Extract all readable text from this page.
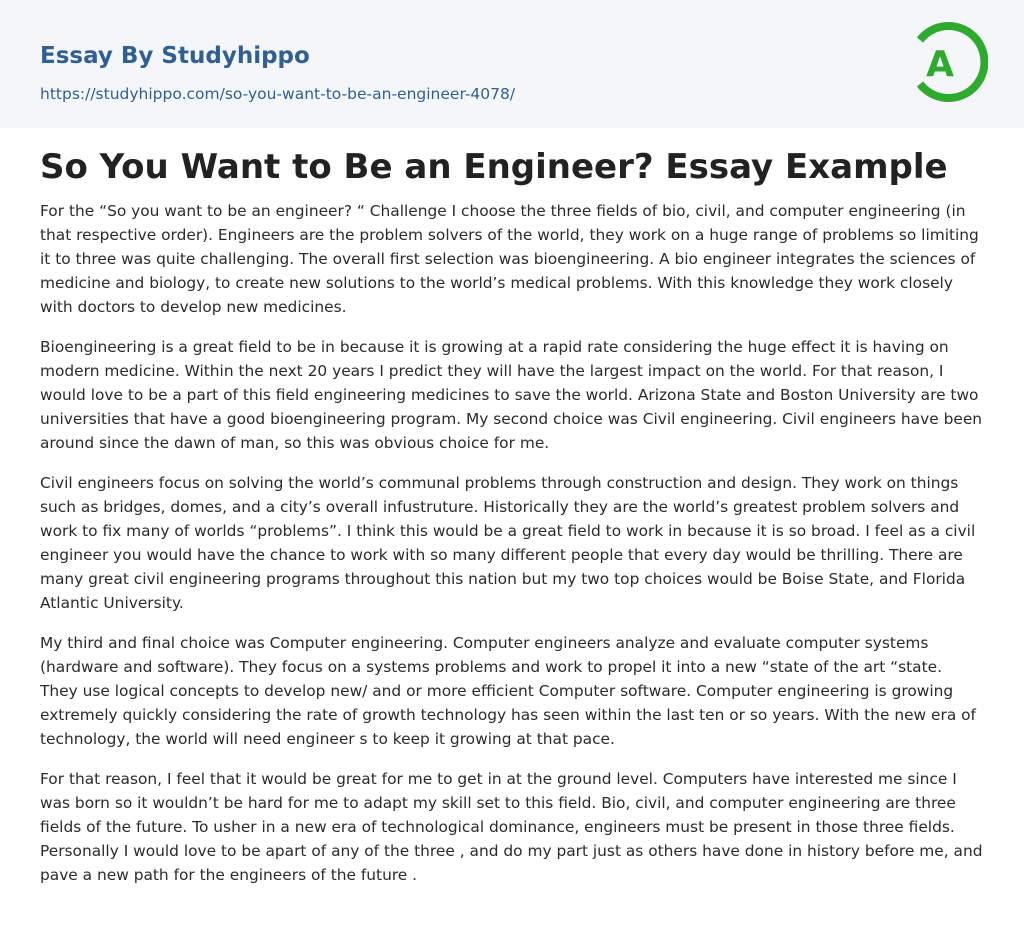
Essay By Studyhippo
https://studyhippo.com/so-you-want-to-be-an-engineer-4078/
A
So You Want to Be an Engineer? Essay Example

For the “So you want to be an engineer? “ Challenge I choose the three fields of bio, civil, and computer engineering (in that respective order). Engineers are the problem solvers of the world, they work on a huge range of problems so limiting it to three was quite challenging. The overall first selection was bioengineering. A bio engineer integrates the sciences of medicine and biology, to create new solutions to the world’s medical problems. With this knowledge they work closely with doctors to develop new medicines.

Bioengineering is a great field to be in because it is growing at a rapid rate considering the huge effect it is having on modern medicine. Within the next 20 years I predict they will have the largest impact on the world. For that reason, I would love to be a part of this field engineering medicines to save the world. Arizona State and Boston University are two universities that have a good bioengineering program. My second choice was Civil engineering. Civil engineers have been around since the dawn of man, so this was obvious choice for me.

Civil engineers focus on solving the world’s communal problems through construction and design. They work on things such as bridges, domes, and a city’s overall infustruture. Historically they are the world’s greatest problem solvers and work to fix many of worlds “problems”. I think this would be a great field to work in because it is so broad. I feel as a civil engineer you would have the chance to work with so many different people that every day would be thrilling. There are many great civil engineering programs throughout this nation but my two top choices would be Boise State, and Florida Atlantic University.

My third and final choice was Computer engineering. Computer engineers analyze and evaluate computer systems (hardware and software). They focus on a systems problems and work to propel it into a new “state of the art “state. They use logical concepts to develop new/ and or more efficient Computer software. Computer engineering is growing extremely quickly considering the rate of growth technology has seen within the last ten or so years. With the new era of technology, the world will need engineer s to keep it growing at that pace.

For that reason, I feel that it would be great for me to get in at the ground level. Computers have interested me since I was born so it wouldn’t be hard for me to adapt my skill set to this field. Bio, civil, and computer engineering are three fields of the future. To usher in a new era of technological dominance, engineers must be present in those three fields. Personally I would love to be apart of any of the three , and do my part just as others have done in history before me, and pave a new path for the engineers of the future .
